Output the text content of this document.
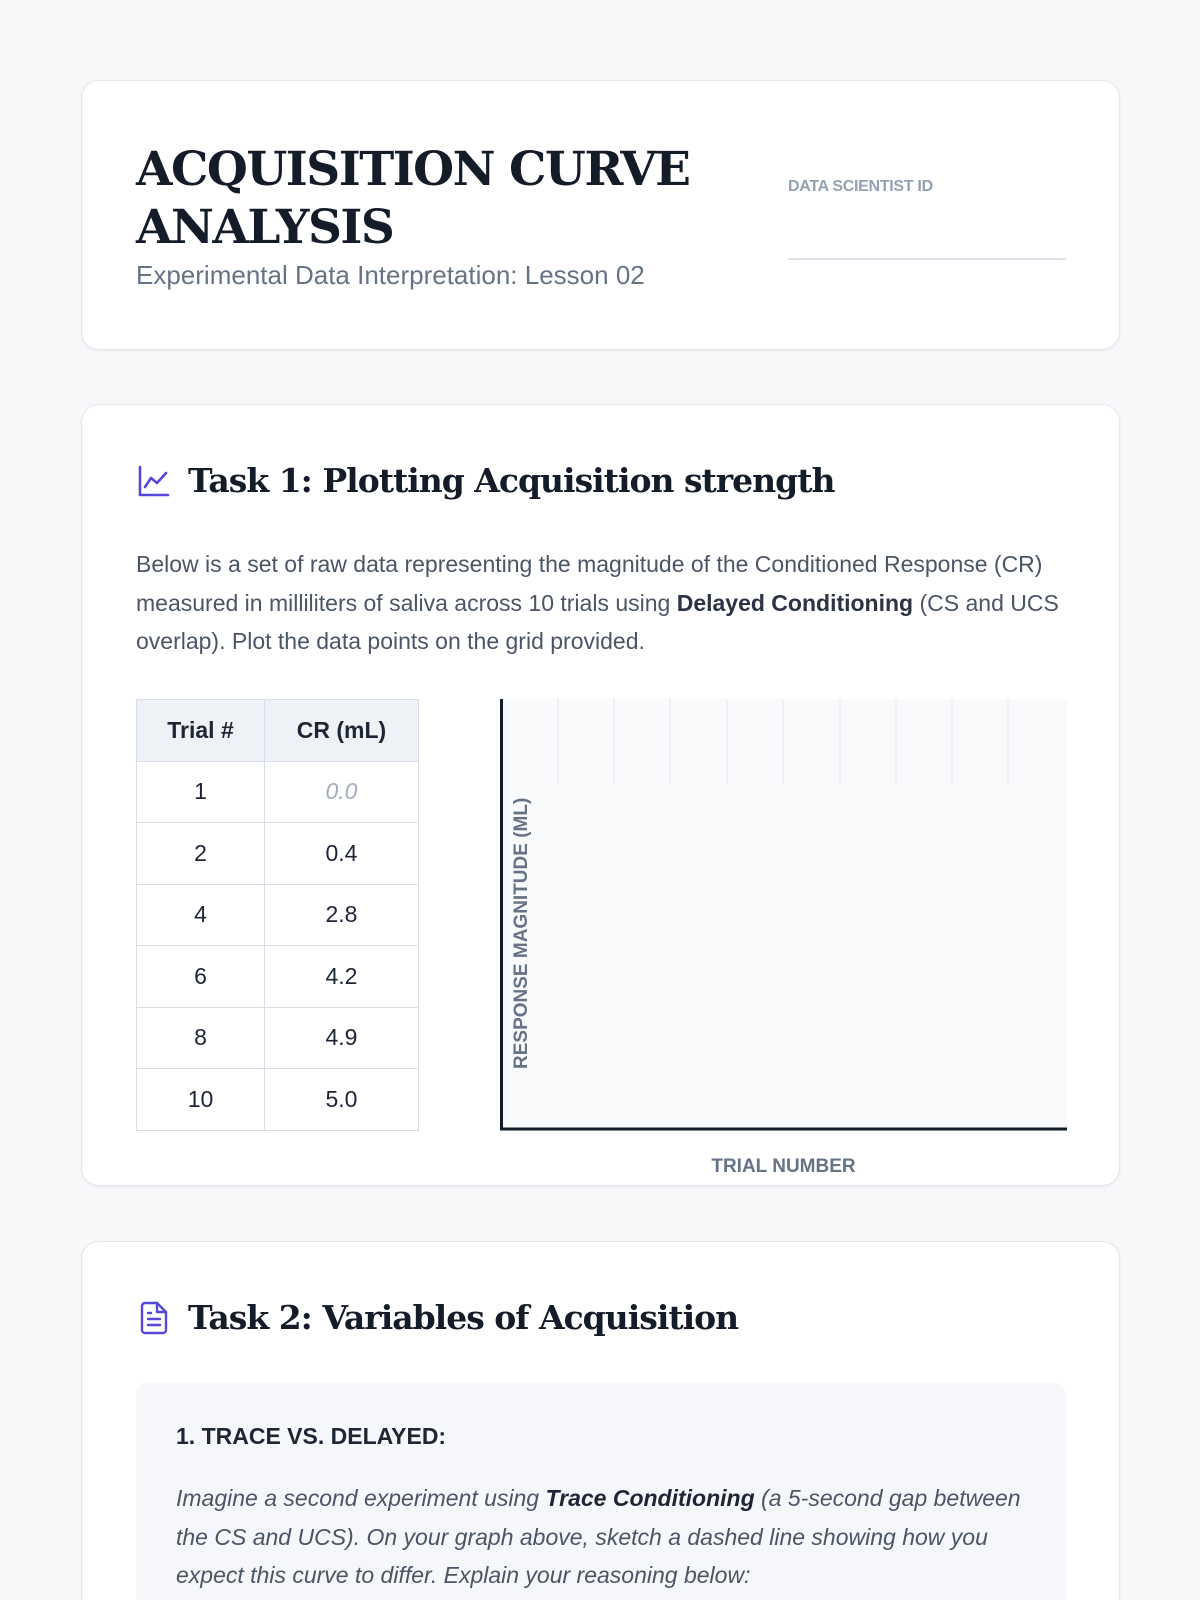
ACQUISITION CURVE ANALYSIS
Experimental Data Interpretation: Lesson 02
DATA SCIENTIST ID
Task 1: Plotting Acquisition strength

Below is a set of raw data representing the magnitude of the Conditioned Response (CR) measured in milliliters of saliva across 10 trials using Delayed Conditioning (CS and UCS overlap). Plot the data points on the grid provided.

Trial #	CR (mL)
1	0.0
2	0.4
4	2.8
6	4.2
8	4.9
10	5.0
RESPONSE MAGNITUDE (ML)
TRIAL NUMBER
Task 2: Variables of Acquisition
1. TRACE VS. DELAYED:

Imagine a second experiment using Trace Conditioning (a 5-second gap between the CS and UCS). On your graph above, sketch a dashed line showing how you expect this curve to differ. Explain your reasoning below:
